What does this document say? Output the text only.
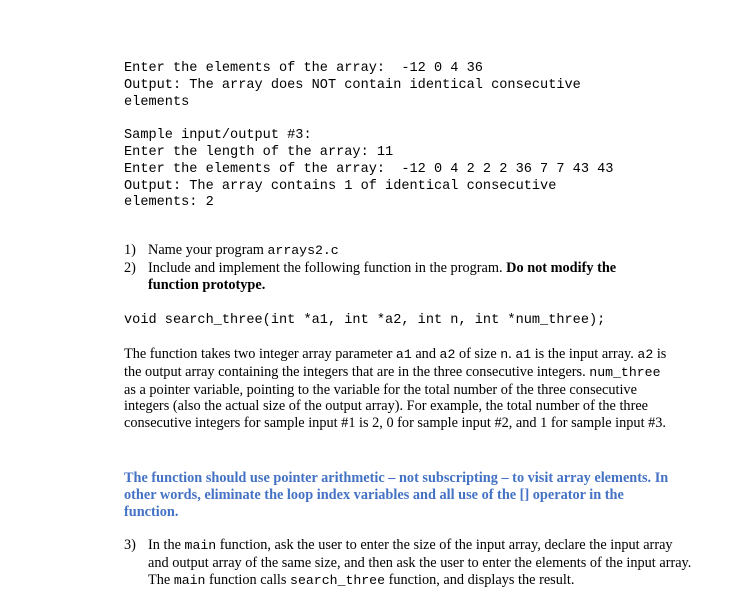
Enter the elements of the array:  -12 0 4 36
Output: The array does NOT contain identical consecutive
elements
Sample input/output #3:
Enter the length of the array: 11
Enter the elements of the array:  -12 0 4 2 2 2 36 7 7 43 43
Output: The array contains 1 of identical consecutive
elements: 2
1) Name your program arrays2.c
2) Include and implement the following function in the program. Do not modify the function prototype.
void search_three(int *a1, int *a2, int n, int *num_three);
The function takes two integer array parameter a1 and a2 of size n. a1 is the input array. a2 is the output array containing the integers that are in the three consecutive integers. num_three as a pointer variable, pointing to the variable for the total number of the three consecutive integers (also the actual size of the output array). For example, the total number of the three consecutive integers for sample input #1 is 2, 0 for sample input #2, and 1 for sample input #3.
The function should use pointer arithmetic – not subscripting – to visit array elements. In other words, eliminate the loop index variables and all use of the [] operator in the function.
3) In the main function, ask the user to enter the size of the input array, declare the input array and output array of the same size, and then ask the user to enter the elements of the input array. The main function calls search_three function, and displays the result.
